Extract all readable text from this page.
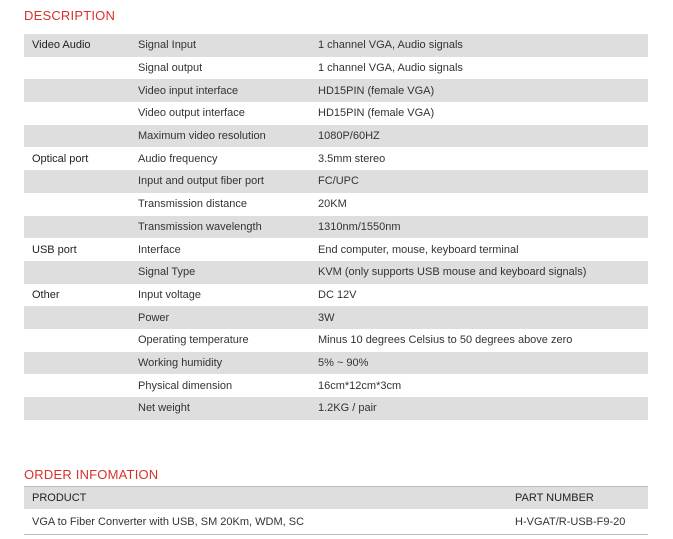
DESCRIPTION
Video Audio	Signal Input	1 channel VGA, Audio signals
	Signal output	1 channel VGA, Audio signals
	Video input interface	HD15PIN (female VGA)
	Video output interface	HD15PIN (female VGA)
	Maximum video resolution	1080P/60HZ
Optical port	Audio frequency	3.5mm stereo
	Input and output fiber port	FC/UPC
	Transmission distance	20KM
	Transmission wavelength	1310nm/1550nm
USB port	Interface	End computer, mouse, keyboard terminal
	Signal Type	KVM (only supports USB mouse and keyboard signals)
Other	Input voltage	DC 12V
	Power	3W
	Operating temperature	Minus 10 degrees Celsius to 50 degrees above zero
	Working humidity	5% ~ 90%
	Physical dimension	16cm*12cm*3cm
	Net weight	1.2KG / pair
ORDER INFOMATION
PRODUCT	PART NUMBER
VGA to Fiber Converter with USB, SM 20Km, WDM, SC	H-VGAT/R-USB-F9-20
